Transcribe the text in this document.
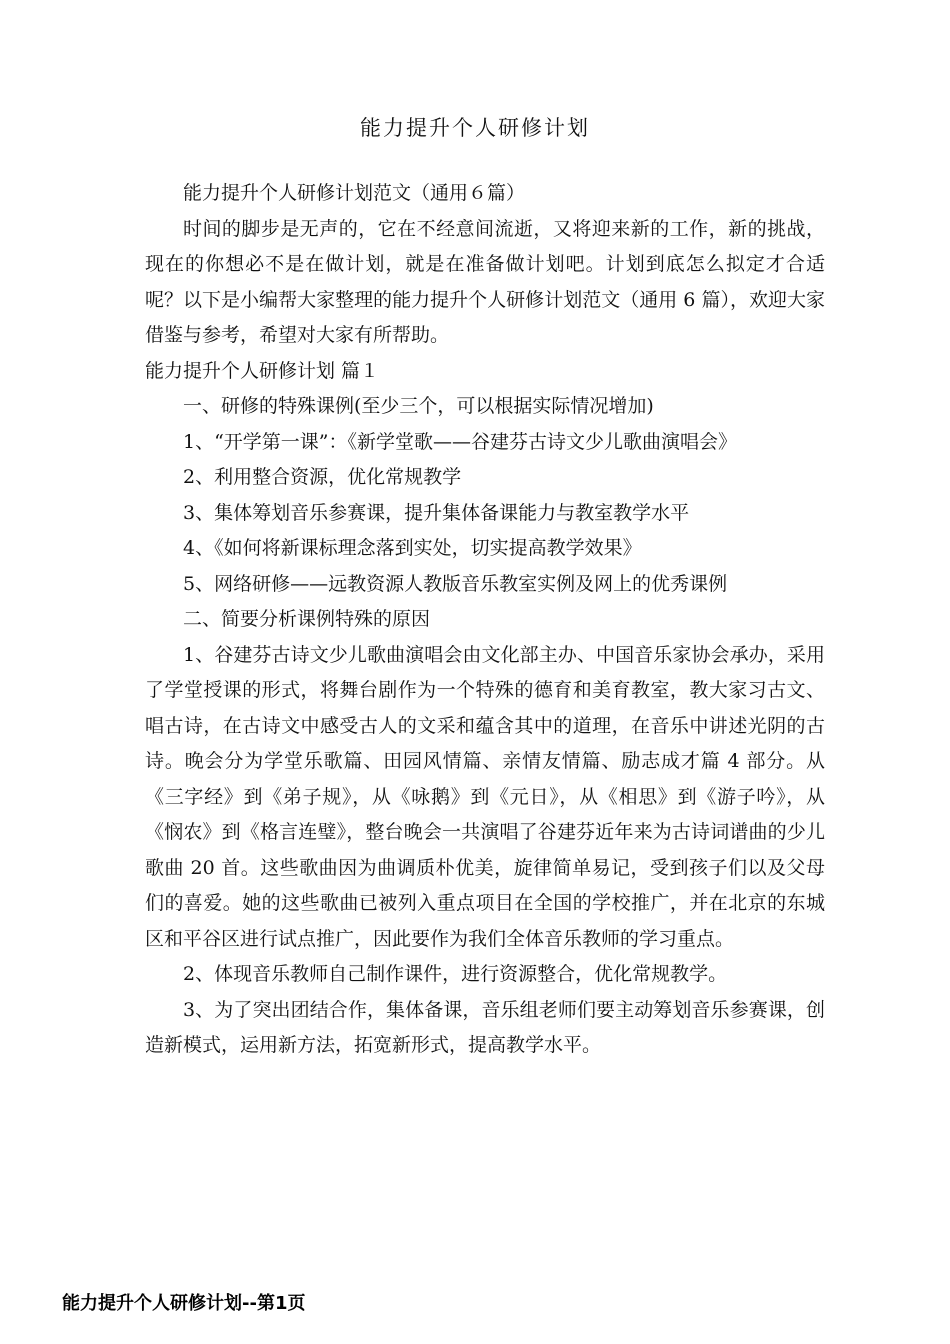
能力提升个人研修计划

能力提升个人研修计划范文（通用６篇）

时间的脚步是无声的，它在不经意间流逝，又将迎来新的工作，新的挑战，现在的你想必不是在做计划，就是在准备做计划吧。计划到底怎么拟定才合适呢？以下是小编帮大家整理的能力提升个人研修计划范文（通用 6 篇），欢迎大家借鉴与参考，希望对大家有所帮助。

能力提升个人研修计划 篇１

一、研修的特殊课例(至少三个，可以根据实际情况增加)

1、“开学第一课”：《新学堂歌——谷建芬古诗文少儿歌曲演唱会》

2、利用整合资源，优化常规教学

3、集体筹划音乐参赛课，提升集体备课能力与教室教学水平

4、《如何将新课标理念落到实处，切实提高教学效果》

5、网络研修——远教资源人教版音乐教室实例及网上的优秀课例

二、简要分析课例特殊的原因

1、谷建芬古诗文少儿歌曲演唱会由文化部主办、中国音乐家协会承办，采用了学堂授课的形式，将舞台剧作为一个特殊的德育和美育教室，教大家习古文、唱古诗，在古诗文中感受古人的文采和蕴含其中的道理，在音乐中讲述光阴的古诗。晚会分为学堂乐歌篇、田园风情篇、亲情友情篇、励志成才篇 4 部分。从《三字经》到《弟子规》，从《咏鹅》到《元日》，从《相思》到《游子吟》，从《悯农》到《格言连璧》，整台晚会一共演唱了谷建芬近年来为古诗词谱曲的少儿歌曲 20 首。这些歌曲因为曲调质朴优美，旋律简单易记，受到孩子们以及父母们的喜爱。她的这些歌曲已被列入重点项目在全国的学校推广，并在北京的东城区和平谷区进行试点推广，因此要作为我们全体音乐教师的学习重点。

2、体现音乐教师自己制作课件，进行资源整合，优化常规教学。

3、为了突出团结合作，集体备课，音乐组老师们要主动筹划音乐参赛课，创造新模式，运用新方法，拓宽新形式，提高教学水平。

能力提升个人研修计划--第1页
